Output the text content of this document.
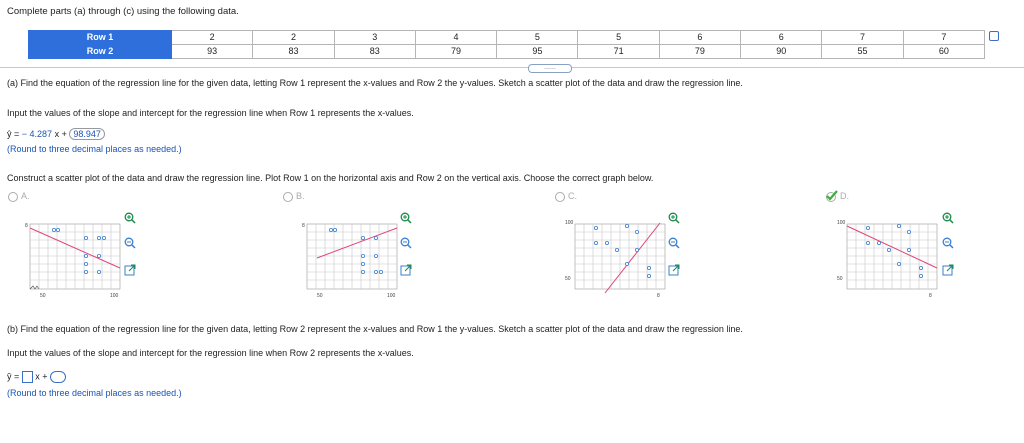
Complete parts (a) through (c) using the following data.
Row 1	2	2	3	4	5	5	6	6	7	7
Row 2	93	83	83	79	95	71	79	90	55	60
......
(a) Find the equation of the regression line for the given data, letting Row 1 represent the x-values and Row 2 the y-values. Sketch a scatter plot of the data and draw the regression line.
Input the values of the slope and intercept for the regression line when Row 1 represents the x-values.
ŷ = − 4.287 x + 98.947
(Round to three decimal places as needed.)
Construct a scatter plot of the data and draw the regression line. Plot Row 1 on the horizontal axis and Row 2 on the vertical axis. Choose the correct graph below.
A.	B.	C.	D.
8
50	100
8
50	100
100
50
8
100
50
8
(b) Find the equation of the regression line for the given data, letting Row 2 represent the x-values and Row 1 the y-values. Sketch a scatter plot of the data and draw the regression line.
Input the values of the slope and intercept for the regression line when Row 2 represents the x-values.
ŷ = x +
(Round to three decimal places as needed.)
